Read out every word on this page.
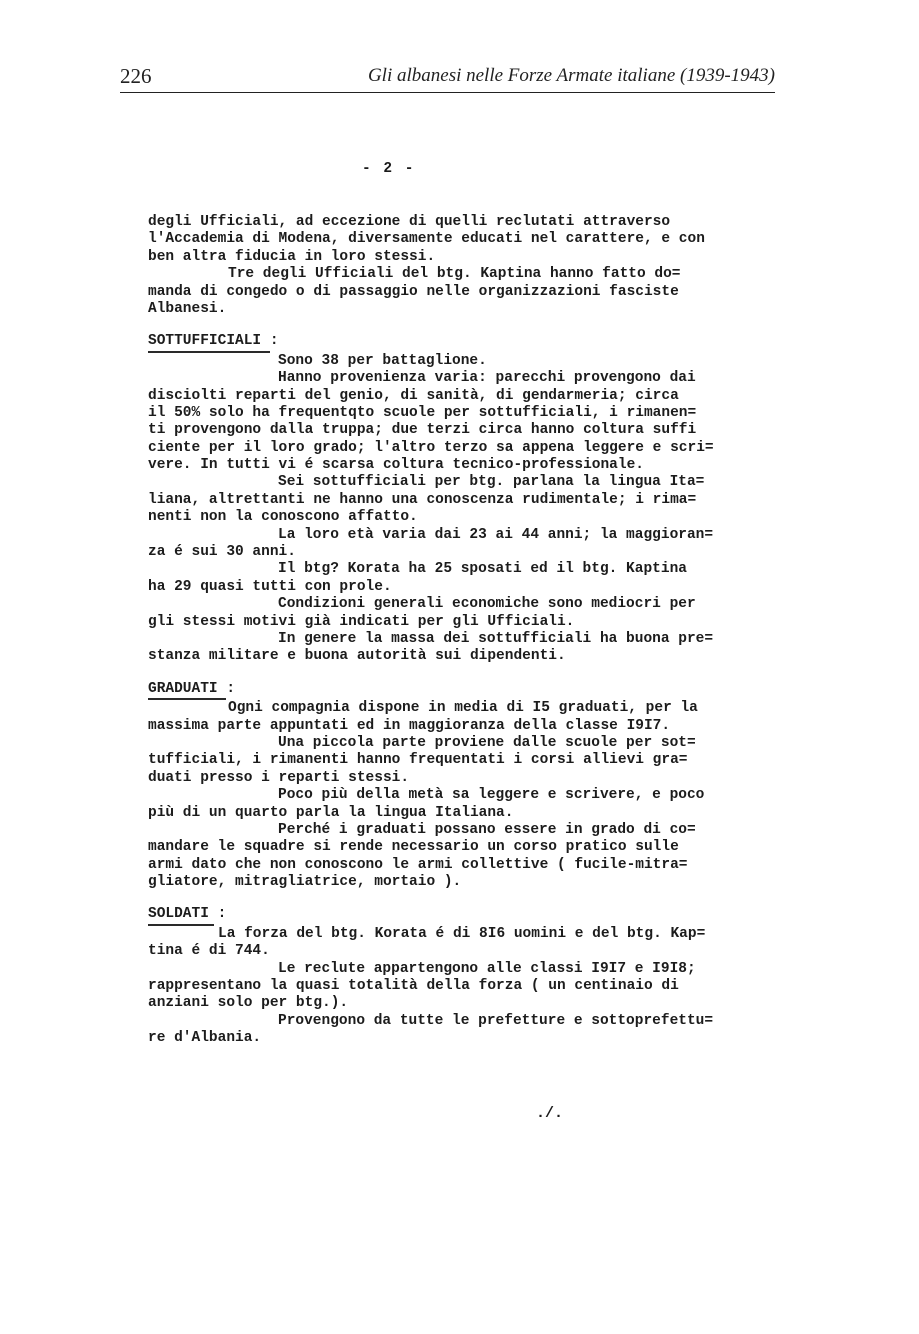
226	Gli albanesi nelle Forze Armate italiane (1939-1943)
- 2 -
degli Ufficiali, ad eccezione di quelli reclutati attraverso
l'Accademia di Modena, diversamente educati nel carattere, e con
ben altra fiducia in loro stessi.
Tre degli Ufficiali del btg. Kaptina hanno fatto do=
manda di congedo o di passaggio nelle organizzazioni fasciste
Albanesi.
SOTTUFFICIALI :
Sono 38 per battaglione.
Hanno provenienza varia: parecchi provengono dai
disciolti reparti del genio, di sanità, di gendarmeria; circa
il 50% solo ha frequentqto scuole per sottufficiali, i rimanen=
ti provengono dalla truppa; due terzi circa hanno coltura suffi
ciente per il loro grado; l'altro terzo sa appena leggere e scri=
vere. In tutti vi é scarsa coltura tecnico-professionale.
Sei sottufficiali per btg. parlana la lingua Ita=
liana, altrettanti ne hanno una conoscenza rudimentale; i rima=
nenti non la conoscono affatto.
La loro età varia dai 23 ai 44 anni; la maggioran=
za é sui 30 anni.
Il btg? Korata ha 25 sposati ed il btg. Kaptina
ha 29 quasi tutti con prole.
Condizioni generali economiche sono mediocri per
gli stessi motivi già indicati per gli Ufficiali.
In genere la massa dei sottufficiali ha buona pre=
stanza militare e buona autorità sui dipendenti.
GRADUATI :
Ogni compagnia dispone in media di I5 graduati, per la
massima parte appuntati ed in maggioranza della classe I9I7.
Una piccola parte proviene dalle scuole per sot=
tufficiali, i rimanenti hanno frequentati i corsi allievi gra=
duati presso i reparti stessi.
Poco più della metà sa leggere e scrivere, e poco
più di un quarto parla la lingua Italiana.
Perché i graduati possano essere in grado di co=
mandare le squadre si rende necessario un corso pratico sulle
armi dato che non conoscono le armi collettive ( fucile-mitra=
gliatore, mitragliatrice, mortaio ).
SOLDATI :
La forza del btg. Korata é di 8I6 uomini e del btg. Kap=
tina é di 744.
Le reclute appartengono alle classi I9I7 e I9I8;
rappresentano la quasi totalità della forza ( un centinaio di
anziani solo per btg.).
Provengono da tutte le prefetture e sottoprefettu=
re d'Albania.
./.
